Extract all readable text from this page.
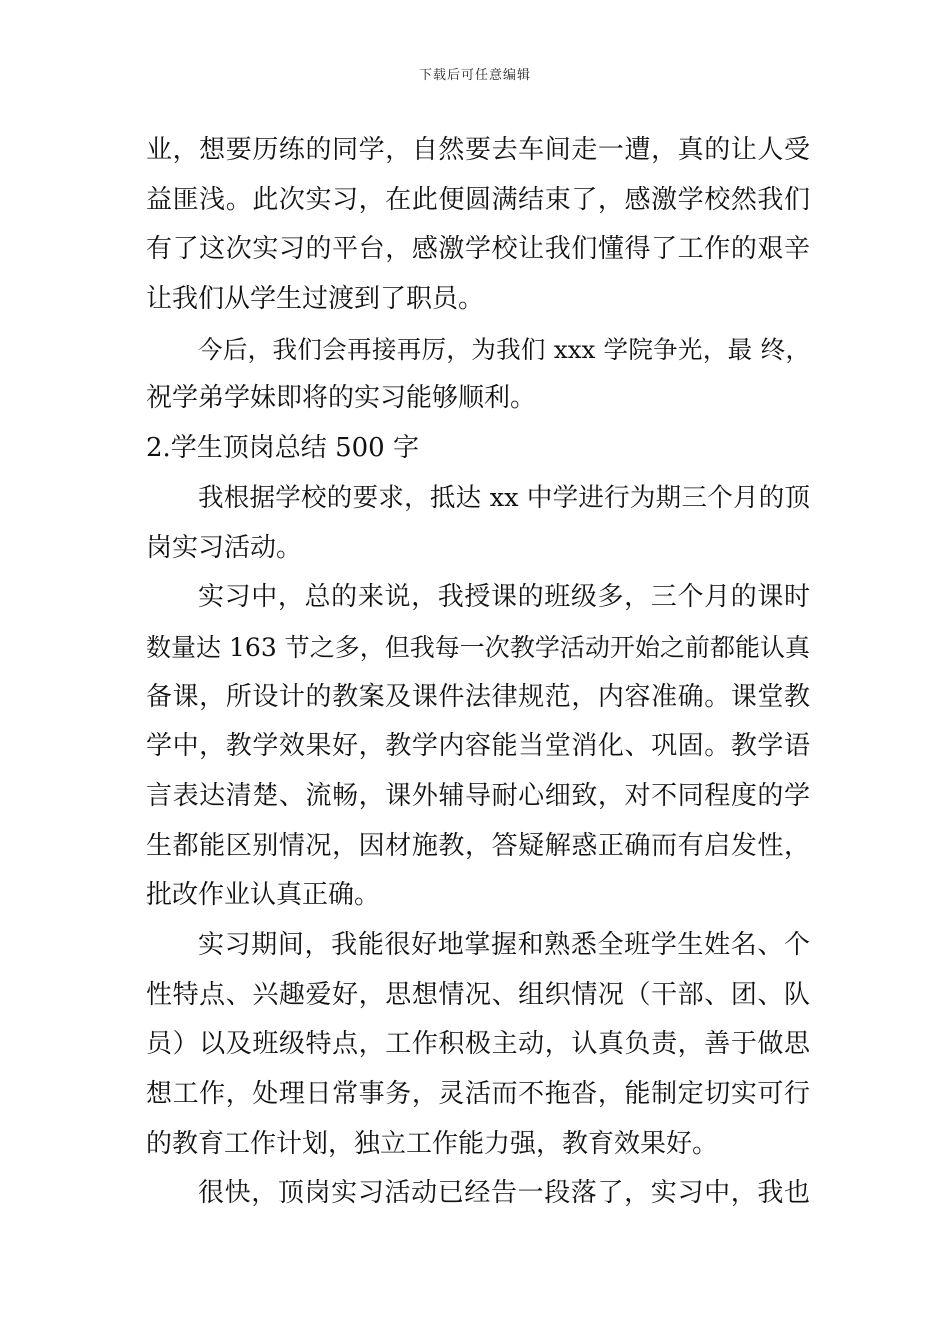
下载后可任意编辑
业，想要历练的同学，自然要去车间走一遭，真的让人受
益匪浅。此次实习，在此便圆满结束了，感激学校然我们
有了这次实习的平台，感激学校让我们懂得了工作的艰辛
让我们从学生过渡到了职员。
今后，我们会再接再厉，为我们 xxx 学院争光，最 终，
祝学弟学妹即将的实习能够顺利。
2.学生顶岗总结 500 字
我根据学校的要求，抵达 xx 中学进行为期三个月的顶
岗实习活动。
实习中，总的来说，我授课的班级多，三个月的课时
数量达 163 节之多，但我每一次教学活动开始之前都能认真
备课，所设计的教案及课件法律规范，内容准确。课堂教
学中，教学效果好，教学内容能当堂消化、巩固。教学语
言表达清楚、流畅，课外辅导耐心细致，对不同程度的学
生都能区别情况，因材施教，答疑解惑正确而有启发性，
批改作业认真正确。
实习期间，我能很好地掌握和熟悉全班学生姓名、个
性特点、兴趣爱好，思想情况、组织情况（干部、团、队
员）以及班级特点，工作积极主动，认真负责，善于做思
想工作，处理日常事务，灵活而不拖沓，能制定切实可行
的教育工作计划，独立工作能力强，教育效果好。
很快，顶岗实习活动已经告一段落了，实习中，我也
